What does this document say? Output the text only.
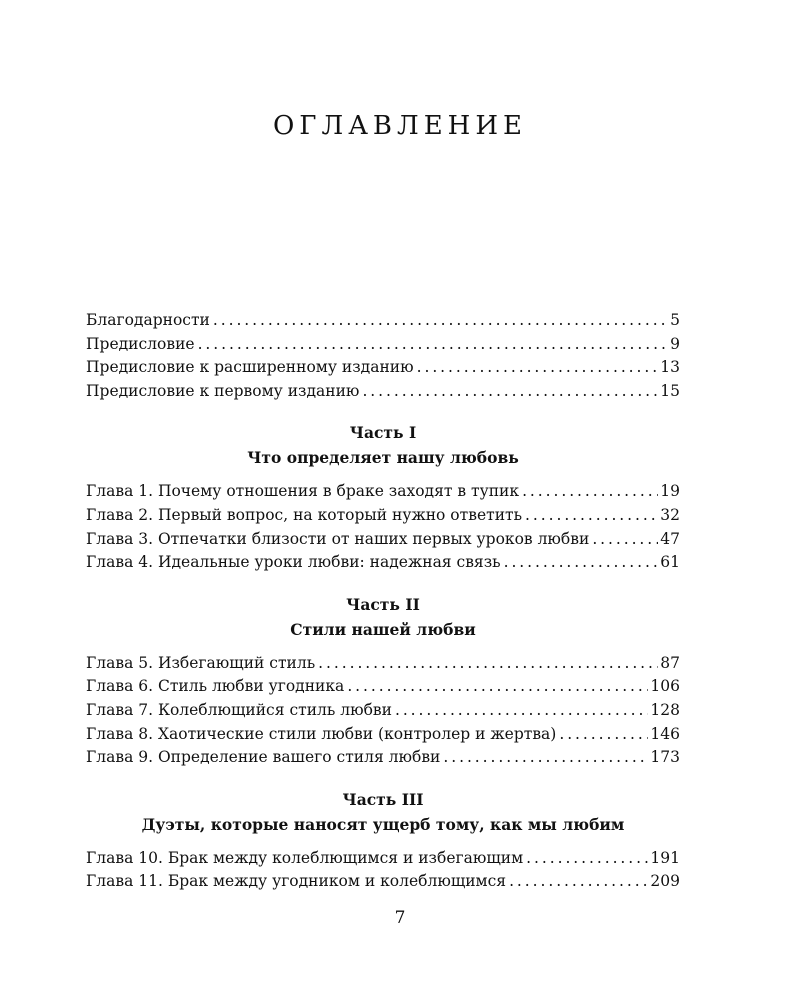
ОГЛАВЛЕНИЕ
Благодарности . . .	5
Предисловие . . .	9
Предисловие к расширенному изданию . . .	13
Предисловие к первому изданию . . .	15
Часть I
Что определяет нашу любовь
Глава 1. Почему отношения в браке заходят в тупик . . .	19
Глава 2. Первый вопрос, на который нужно ответить . . .	32
Глава 3. Отпечатки близости от наших первых уроков любви . . .	47
Глава 4. Идеальные уроки любви: надежная связь . . .	61
Часть II
Стили нашей любви
Глава 5. Избегающий стиль . . .	87
Глава 6. Стиль любви угодника . . .	106
Глава 7. Колеблющийся стиль любви . . .	128
Глава 8. Хаотические стили любви (контролер и жертва) . . .	146
Глава 9. Определение вашего стиля любви . . .	173
Часть III
Дуэты, которые наносят ущерб тому, как мы любим
Глава 10. Брак между колеблющимся и избегающим . . .	191
Глава 11. Брак между угодником и колеблющимся . . .	209
7
